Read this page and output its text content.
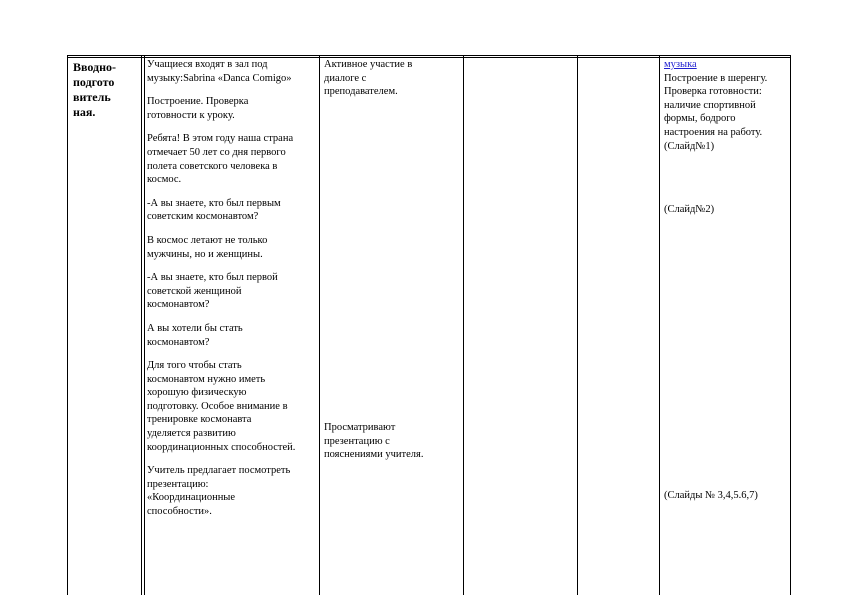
Вводно-
подгото
витель
ная.

Учащиеся входят в зал под
музыку:Sabrina «Danca Comigo»

Построение. Проверка
готовности к уроку.

Ребята! В этом году наша страна
отмечает 50 лет со дня первого
полета советского человека в
космос.

-А вы знаете, кто был первым
советским космонавтом?

В космос летают не только
мужчины, но и женщины.

-А вы знаете, кто был первой
советской женщиной
космонавтом?

А вы хотели бы стать
космонавтом?

Для того чтобы стать
космонавтом нужно иметь
хорошую физическую
подготовку. Особое внимание в
тренировке космонавта
уделяется развитию
координационных способностей.

Учитель предлагает посмотреть
презентацию:
«Координационные
способности».

Активное участие в
диалоге с
преподавателем.
Просматривают
презентацию с
пояснениями учителя.
музыка
Построение в шеренгу.
Проверка готовности:
наличие спортивной
формы, бодрого
настроения на работу.
(Слайд№1)
(Слайд№2)
(Слайды № 3,4,5.6,7)
